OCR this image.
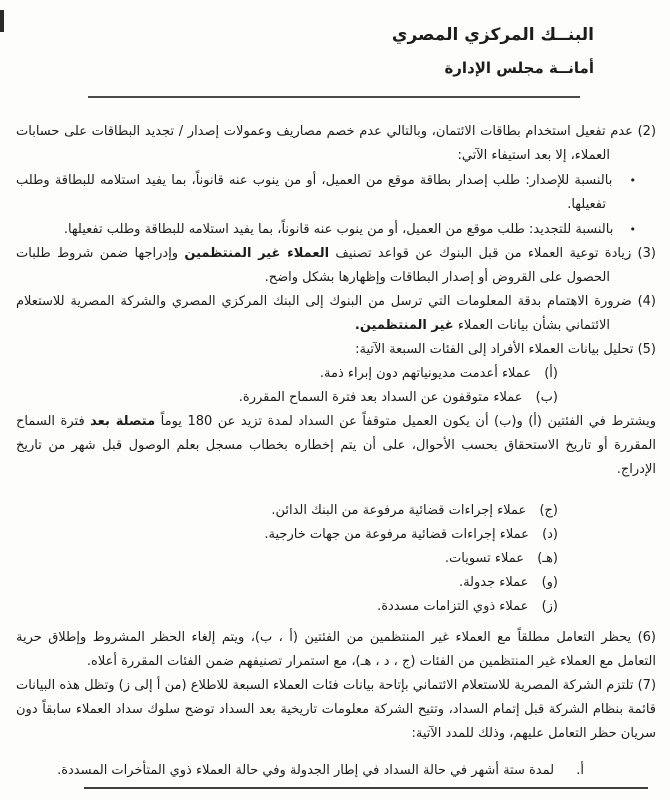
البنــك المركزي المصري
أمانــة مجلس الإدارة
(2) عدم تفعيل استخدام بطاقات الائتمان، وبالتالي عدم خصم مصاريف وعمولات إصدار / تجديد البطاقات على حسابات العملاء، إلا بعد استيفاء الآتي:
• بالنسبة للإصدار: طلب إصدار بطاقة موقع من العميل، أو من ينوب عنه قانوناً، بما يفيد استلامه للبطاقة وطلب تفعيلها.
• بالنسبة للتجديد: طلب موقع من العميل، أو من ينوب عنه قانوناً، بما يفيد استلامه للبطاقة وطلب تفعيلها.
(3) زيادة توعية العملاء من قبل البنوك عن قواعد تصنيف العملاء غير المنتظمين وإدراجها ضمن شروط طلبات الحصول على القروض أو إصدار البطاقات وإظهارها بشكل واضح.
(4) ضرورة الاهتمام بدقة المعلومات التي ترسل من البنوك إلى البنك المركزي المصري والشركة المصرية للاستعلام الائتماني بشأن بيانات العملاء غير المنتظمين.
(5) تحليل بيانات العملاء الأفراد إلى الفئات السبعة الآتية:
(أ) عملاء أعدمت مديونياتهم دون إبراء ذمة.
(ب) عملاء متوقفون عن السداد بعد فترة السماح المقررة.
ويشترط في الفئتين (أ) و(ب) أن يكون العميل متوقفاً عن السداد لمدة تزيد عن 180 يوماً متصلة بعد فترة السماح المقررة أو تاريخ الاستحقاق بحسب الأحوال، على أن يتم إخطاره بخطاب مسجل بعلم الوصول قبل شهر من تاريخ الإدراج.
(ج) عملاء إجراءات قضائية مرفوعة من البنك الدائن.
(د) عملاء إجراءات قضائية مرفوعة من جهات خارجية.
(هـ) عملاء تسويات.
(و) عملاء جدولة.
(ز) عملاء ذوي التزامات مسددة.
(6) يحظر التعامل مطلقاً مع العملاء غير المنتظمين من الفئتين (أ ، ب)، ويتم إلغاء الحظر المشروط وإطلاق حرية التعامل مع العملاء غير المنتظمين من الفئات (ج ، د ، هـ)، مع استمرار تصنيفهم ضمن الفئات المقررة أعلاه.
(7) تلتزم الشركة المصرية للاستعلام الائتماني بإتاحة بيانات فئات العملاء السبعة للاطلاع (من أ إلى ز) وتظل هذه البيانات قائمة بنظام الشركة قبل إتمام السداد، وتتيح الشركة معلومات تاريخية بعد السداد توضح سلوك سداد العملاء سابقاً دون سريان حظر التعامل عليهم، وذلك للمدد الآتية:
أ. لمدة ستة أشهر في حالة السداد في إطار الجدولة وفي حالة العملاء ذوي المتأخرات المسددة.
